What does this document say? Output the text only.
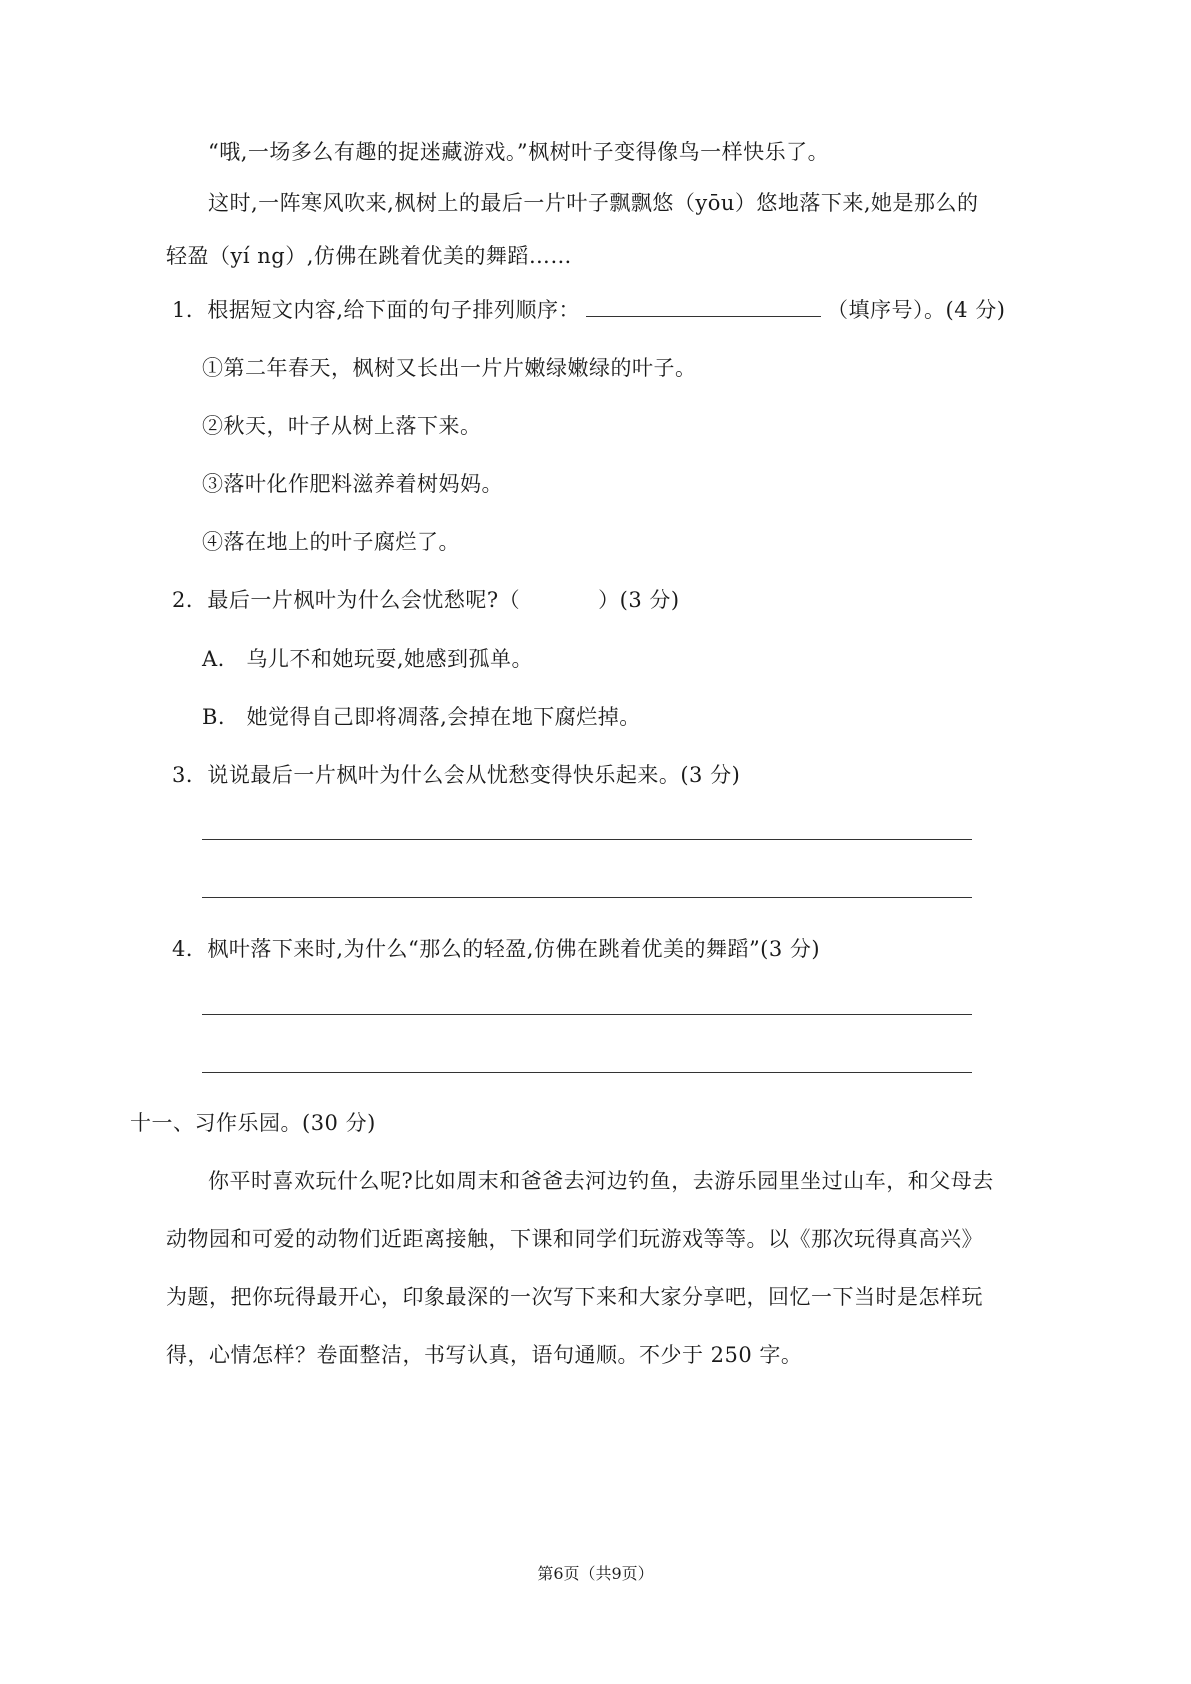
“哦,一场多么有趣的捉迷藏游戏。”枫树叶子变得像鸟一样快乐了。
这时,一阵寒风吹来,枫树上的最后一片叶子飘飘悠（yōu）悠地落下来,她是那么的
轻盈（yí ng）,仿佛在跳着优美的舞蹈……
1．根据短文内容,给下面的句子排列顺序：	（填序号）。(4 分)
①第二年春天，枫树又长出一片片嫩绿嫩绿的叶子。
②秋天，叶子从树上落下来。
③落叶化作肥料滋养着树妈妈。
④落在地上的叶子腐烂了。
2．最后一片枫叶为什么会忧愁呢?（	）(3 分)
A.　乌儿不和她玩耍,她感到孤单。
B.　她觉得自己即将凋落,会掉在地下腐烂掉。
3．说说最后一片枫叶为什么会从忧愁变得快乐起来。(3 分)
4．枫叶落下来时,为什么“那么的轻盈,仿佛在跳着优美的舞蹈”(3 分)
十一、习作乐园。(30 分)
你平时喜欢玩什么呢?比如周末和爸爸去河边钓鱼，去游乐园里坐过山车，和父母去
动物园和可爱的动物们近距离接触，下课和同学们玩游戏等等。以《那次玩得真高兴》
为题，把你玩得最开心，印象最深的一次写下来和大家分享吧，回忆一下当时是怎样玩
得，心情怎样？卷面整洁，书写认真，语句通顺。不少于 250 字。
第6页（共9页）
